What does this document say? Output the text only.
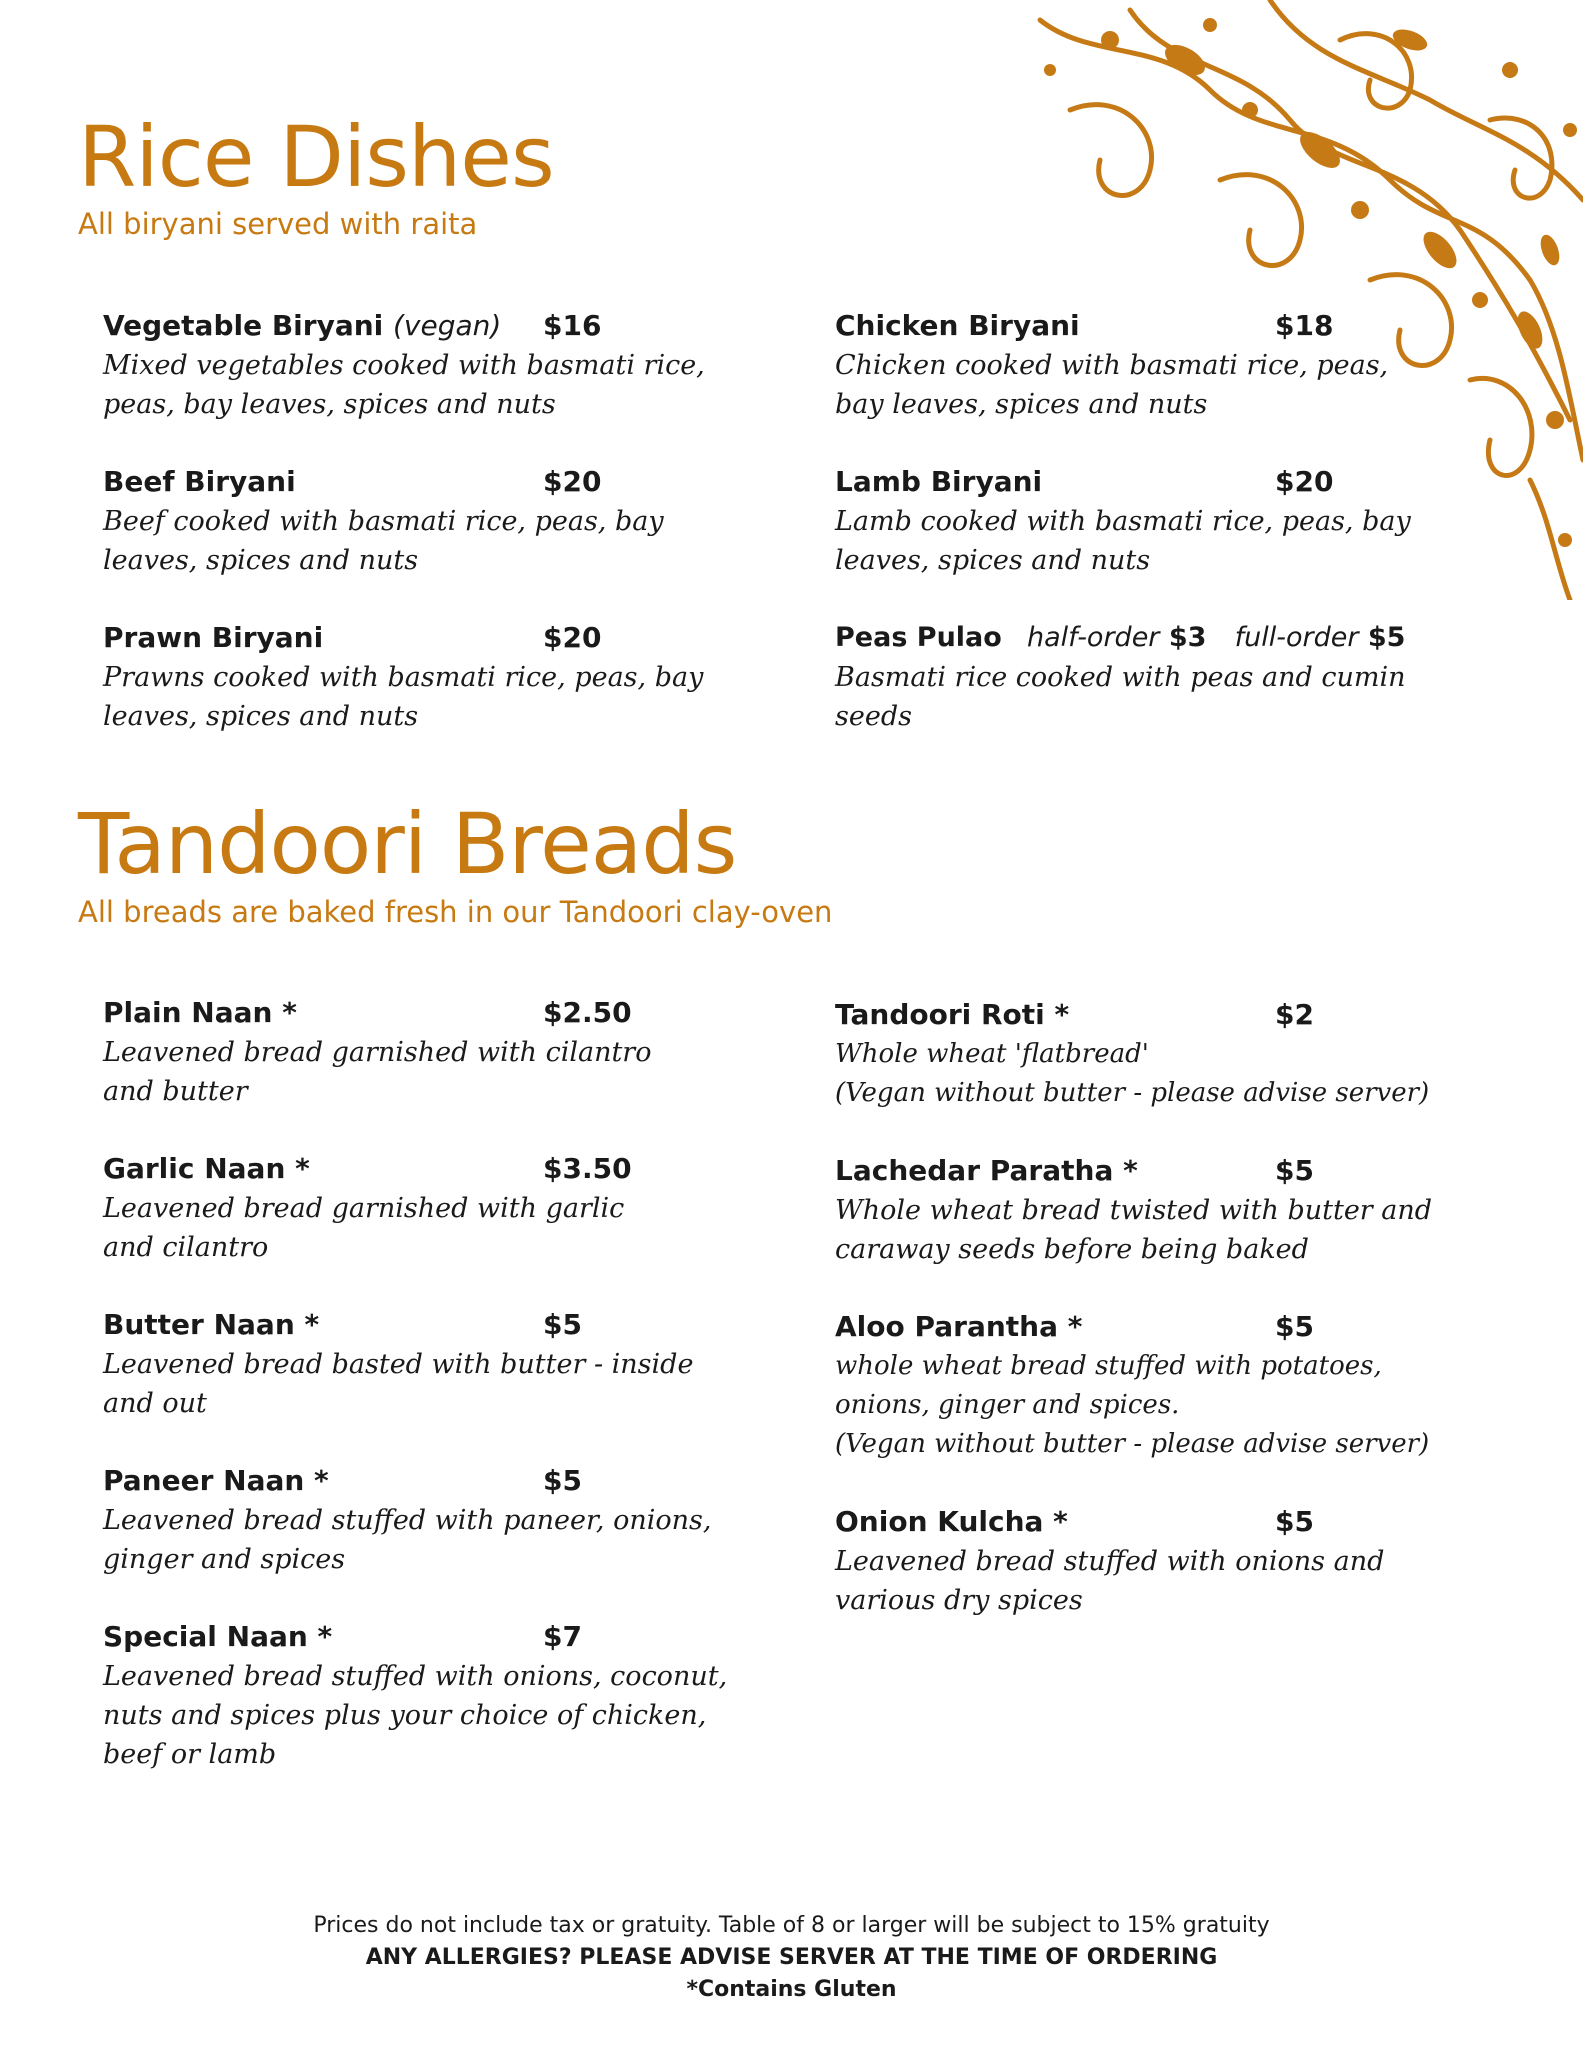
Rice Dishes

All biryani served with raita

Vegetable Biryani (vegan) $16

Mixed vegetables cooked with basmati rice,
peas, bay leaves, spices and nuts

Chicken Biryani	$18

Chicken cooked with basmati rice, peas,
bay leaves, spices and nuts

Beef Biryani	$20

Beef cooked with basmati rice, peas, bay
leaves, spices and nuts

Lamb Biryani	$20

Lamb cooked with basmati rice, peas, bay
leaves, spices and nuts

Prawn Biryani	$20

Prawns cooked with basmati rice, peas, bay
leaves, spices and nuts

Peas Pulao half-order $3 full-order $5

Basmati rice cooked with peas and cumin
seeds

Tandoori Breads

All breads are baked fresh in our Tandoori clay-oven

Plain Naan *	$2.50

Leavened bread garnished with cilantro
and butter

Tandoori Roti *	$2

Whole wheat 'flatbread'
(Vegan without butter - please advise server)

Garlic Naan *	$3.50

Leavened bread garnished with garlic
and cilantro

Lachedar Paratha *	$5

Whole wheat bread twisted with butter and
caraway seeds before being baked

Butter Naan *	$5

Leavened bread basted with butter - inside
and out

Aloo Parantha *	$5

whole wheat bread stuffed with potatoes,
onions, ginger and spices.
(Vegan without butter - please advise server)

Paneer Naan *	$5

Leavened bread stuffed with paneer, onions,
ginger and spices

Onion Kulcha *	$5

Leavened bread stuffed with onions and
various dry spices

Special Naan *	$7

Leavened bread stuffed with onions, coconut,
nuts and spices plus your choice of chicken,
beef or lamb

Prices do not include tax or gratuity. Table of 8 or larger will be subject to 15% gratuity
ANY ALLERGIES? PLEASE ADVISE SERVER AT THE TIME OF ORDERING
*Contains Gluten
